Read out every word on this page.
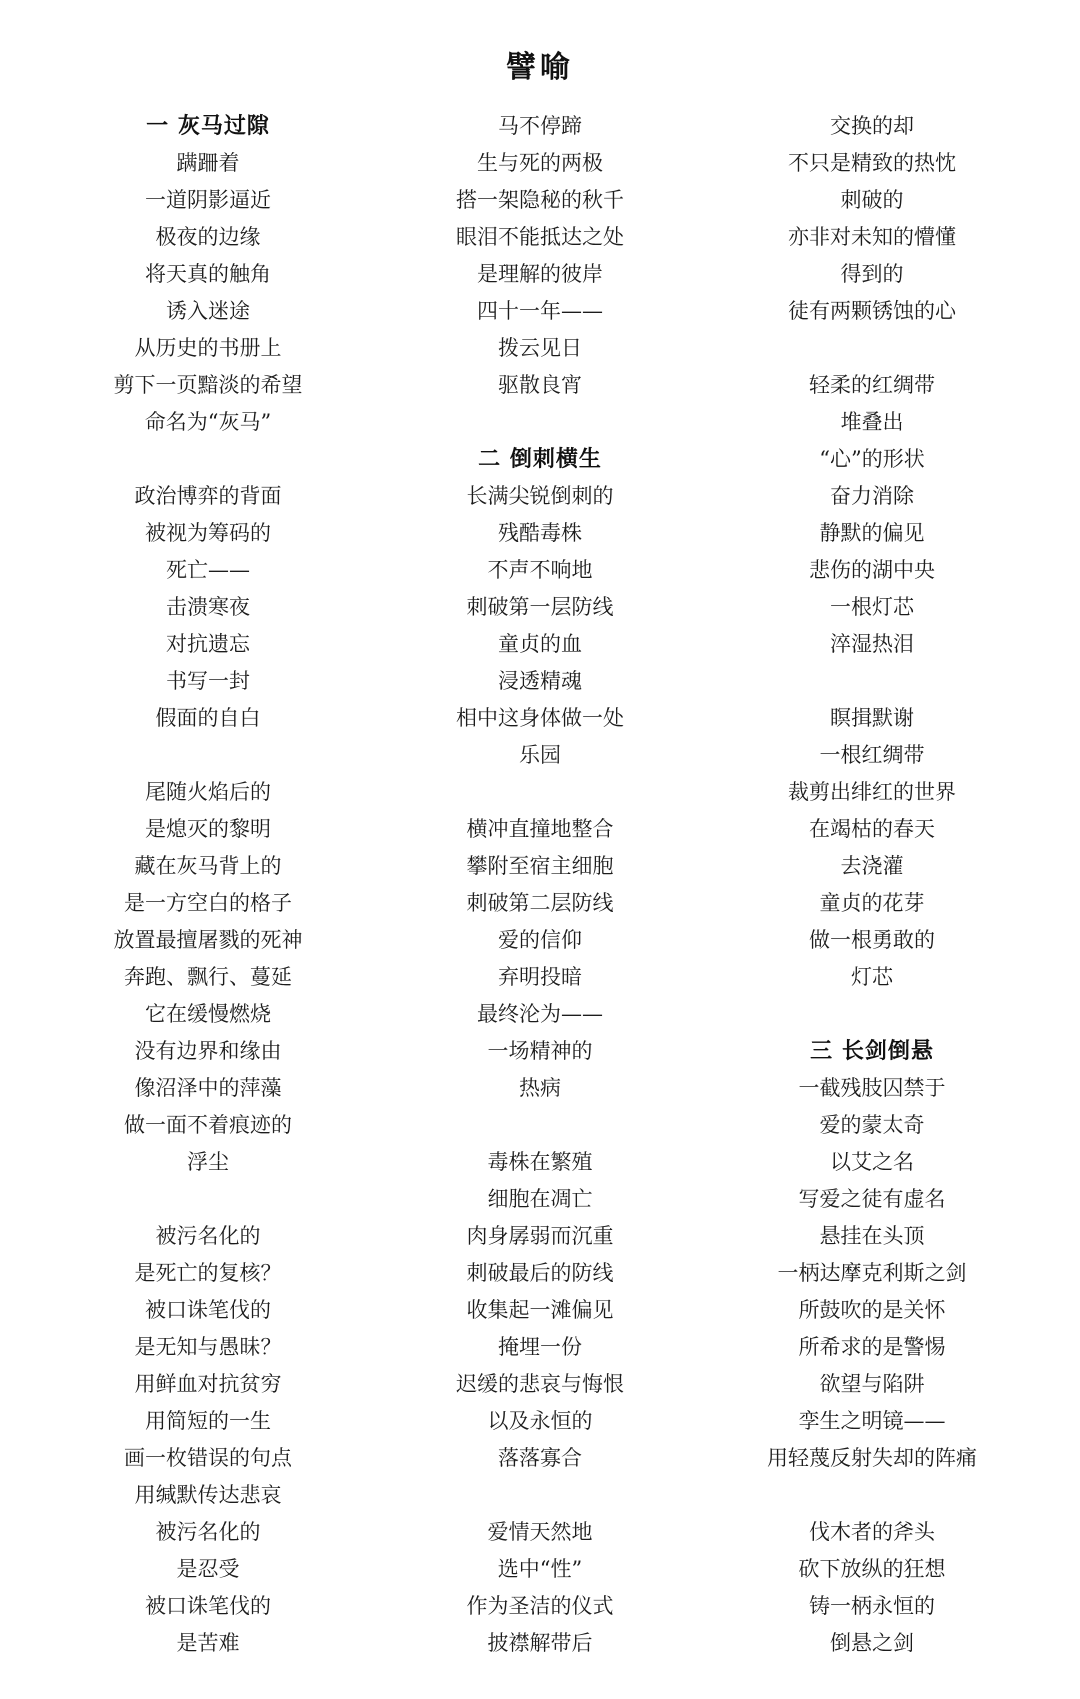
譬喻
一 灰马过隙
蹒跚着
一道阴影逼近
极夜的边缘
将天真的触角
诱入迷途
从历史的书册上
剪下一页黯淡的希望
命名为“灰马”
政治博弈的背面
被视为筹码的
死亡——
击溃寒夜
对抗遗忘
书写一封
假面的自白
尾随火焰后的
是熄灭的黎明
藏在灰马背上的
是一方空白的格子
放置最擅屠戮的死神
奔跑、飘行、蔓延
它在缓慢燃烧
没有边界和缘由
像沼泽中的萍藻
做一面不着痕迹的
浮尘
被污名化的
是死亡的复核？
被口诛笔伐的
是无知与愚昧？
用鲜血对抗贫穷
用简短的一生
画一枚错误的句点
用缄默传达悲哀
被污名化的
是忍受
被口诛笔伐的
是苦难
马不停蹄
生与死的两极
搭一架隐秘的秋千
眼泪不能抵达之处
是理解的彼岸
四十一年——
拨云见日
驱散良宵
二 倒刺横生
长满尖锐倒刺的
残酷毒株
不声不响地
刺破第一层防线
童贞的血
浸透精魂
相中这身体做一处
乐园
横冲直撞地整合
攀附至宿主细胞
刺破第二层防线
爱的信仰
弃明投暗
最终沦为——
一场精神的
热病
毒株在繁殖
细胞在凋亡
肉身孱弱而沉重
刺破最后的防线
收集起一滩偏见
掩埋一份
迟缓的悲哀与悔恨
以及永恒的
落落寡合
爱情天然地
选中“性”
作为圣洁的仪式
披襟解带后
交换的却
不只是精致的热忱
刺破的
亦非对未知的懵懂
得到的
徒有两颗锈蚀的心
轻柔的红绸带
堆叠出
“心”的形状
奋力消除
静默的偏见
悲伤的湖中央
一根灯芯
淬湿热泪
瞑揖默谢
一根红绸带
裁剪出绯红的世界
在竭枯的春天
去浇灌
童贞的花芽
做一根勇敢的
灯芯
三 长剑倒悬
一截残肢囚禁于
爱的蒙太奇
以艾之名
写爱之徒有虚名
悬挂在头顶
一柄达摩克利斯之剑
所鼓吹的是关怀
所希求的是警惕
欲望与陷阱
孪生之明镜——
用轻蔑反射失却的阵痛
伐木者的斧头
砍下放纵的狂想
铸一柄永恒的
倒悬之剑
